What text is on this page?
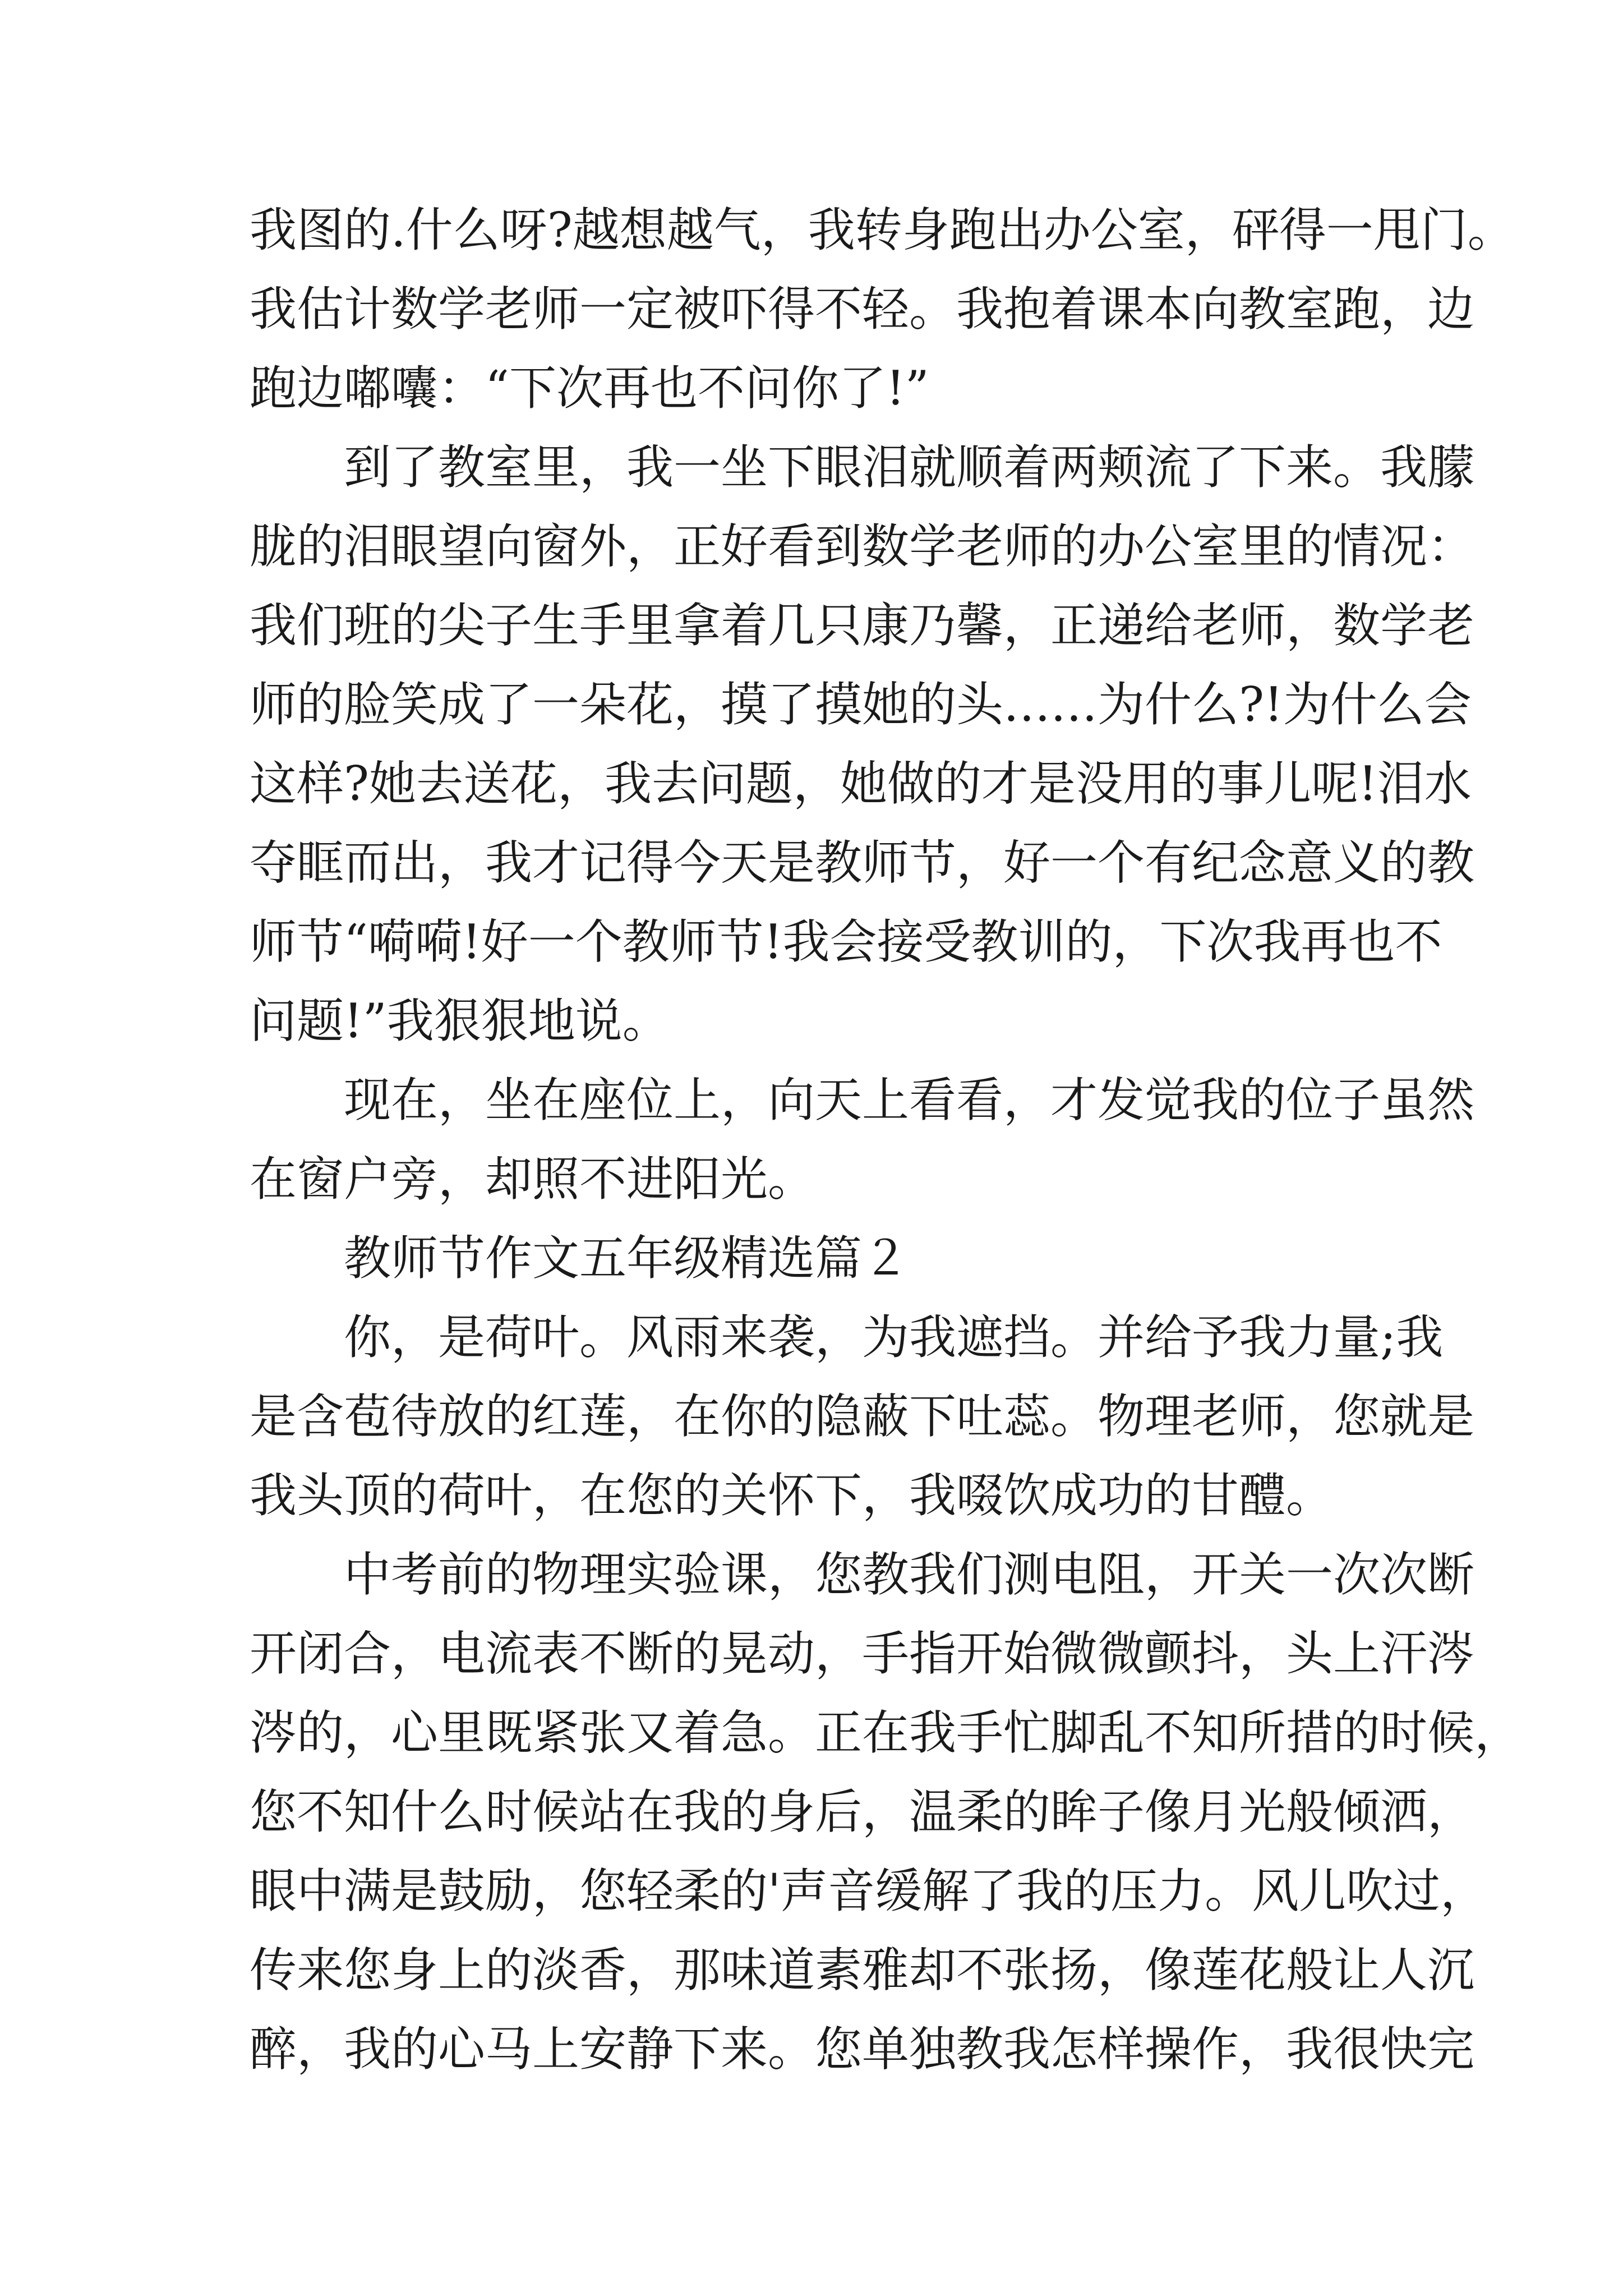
我图的.什么呀?越想越气，我转身跑出办公室，砰得一甩门。
我估计数学老师一定被吓得不轻。我抱着课本向教室跑，边
跑边嘟囔：“下次再也不问你了!”

到了教室里，我一坐下眼泪就顺着两颊流了下来。我朦
胧的泪眼望向窗外，正好看到数学老师的办公室里的情况：
我们班的尖子生手里拿着几只康乃馨，正递给老师，数学老
师的脸笑成了一朵花，摸了摸她的头……为什么?!为什么会
这样?她去送花，我去问题，她做的才是没用的事儿呢!泪水
夺眶而出，我才记得今天是教师节，好一个有纪念意义的教
师节“嗬嗬!好一个教师节!我会接受教训的，下次我再也不
问题!”我狠狠地说。

现在，坐在座位上，向天上看看，才发觉我的位子虽然
在窗户旁，却照不进阳光。

教师节作文五年级精选篇２

你，是荷叶。风雨来袭，为我遮挡。并给予我力量;我
是含苞待放的红莲，在你的隐蔽下吐蕊。物理老师，您就是
我头顶的荷叶，在您的关怀下，我啜饮成功的甘醴。

中考前的物理实验课，您教我们测电阻，开关一次次断
开闭合，电流表不断的晃动，手指开始微微颤抖，头上汗涔
涔的，心里既紧张又着急。正在我手忙脚乱不知所措的时候，
您不知什么时候站在我的身后，温柔的眸子像月光般倾洒，
眼中满是鼓励，您轻柔的'声音缓解了我的压力。风儿吹过，
传来您身上的淡香，那味道素雅却不张扬，像莲花般让人沉
醉，我的心马上安静下来。您单独教我怎样操作，我很快完
